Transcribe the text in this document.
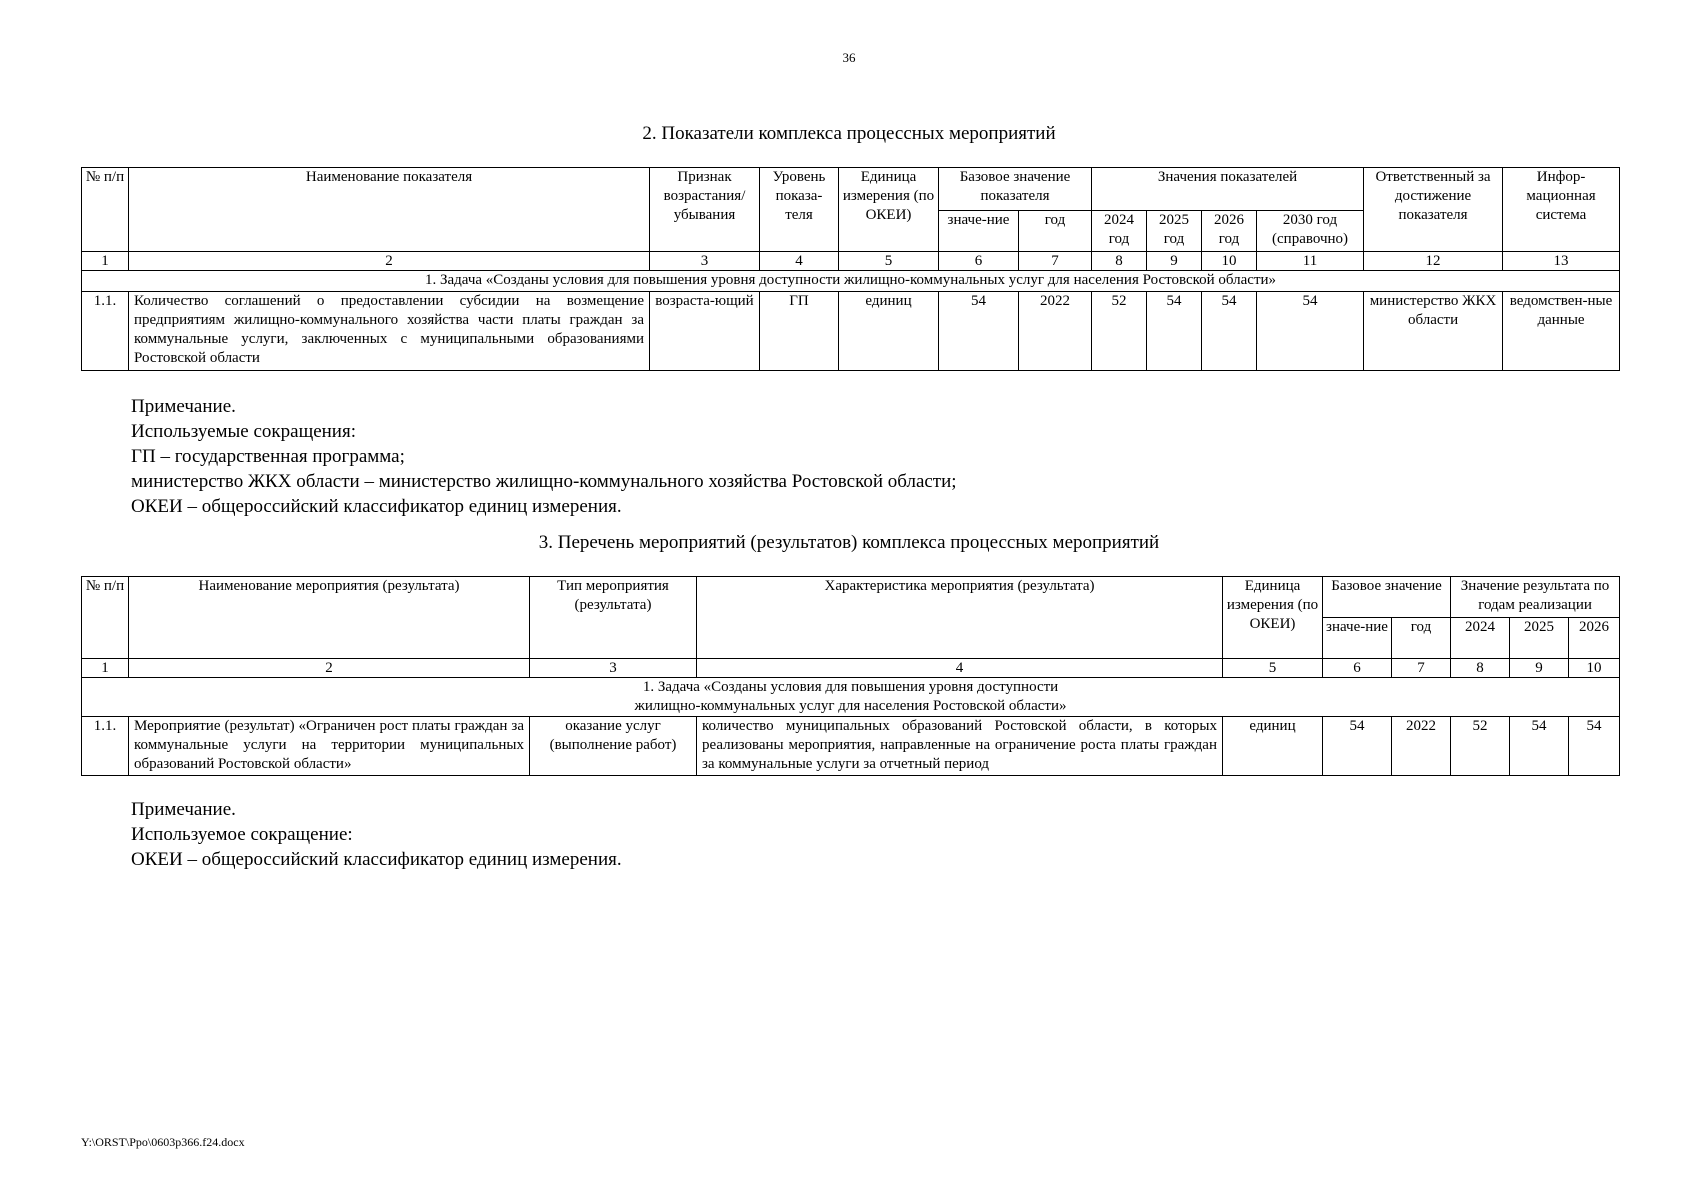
36
2. Показатели комплекса процессных мероприятий
№ п/п	Наименование показателя	Признак возрастания/ убывания	Уровень показа-теля	Единица измерения (по ОКЕИ)	Базовое значение показателя		Значения показателей				Ответственный за достижение показателя	Инфор-мационная система
					значе-ние	год	2024 год	2025 год	2026 год	2030 год (справочно)		
1	2	3	4	5	6	7	8	9	10	11	12	13
1. Задача «Созданы условия для повышения уровня доступности жилищно-коммунальных услуг для населения Ростовской области»												
1.1.	Количество соглашений о предоставлении субсидии на возмещение предприятиям жилищно-коммунального хозяйства части платы граждан за коммунальные услуги, заключенных с муниципальными образованиями Ростовской области	возраста-ющий	ГП	единиц	54	2022	52	54	54	54	министерство ЖКХ области	ведомствен-ные данные
Примечание.
Используемые сокращения:
ГП – государственная программа;
министерство ЖКХ области – министерство жилищно-коммунального хозяйства Ростовской области;
ОКЕИ – общероссийский классификатор единиц измерения.
3. Перечень мероприятий (результатов) комплекса процессных мероприятий
№ п/п	Наименование мероприятия (результата)	Тип мероприятия (результата)	Характеристика мероприятия (результата)	Единица измерения (по ОКЕИ)	Базовое значение		Значение результата по годам реализации		
					значе-ние	год	2024	2025	2026
1	2	3	4	5	6	7	8	9	10

1. Задача «Созданы условия для повышения уровня доступности
жилищно-коммунальных услуг для населения Ростовской области»									

1.1.	Мероприятие (результат) «Ограничен рост платы граждан за коммунальные услуги на территории муниципальных образований Ростовской области»	оказание услуг (выполнение работ)	количество муниципальных образований Ростовской области, в которых реализованы мероприятия, направленные на ограничение роста платы граждан за коммунальные услуги за отчетный период	единиц	54	2022	52	54	54
Примечание.
Используемое сокращение:
ОКЕИ – общероссийский классификатор единиц измерения.
Y:\ORST\Ppo\0603p366.f24.docx
